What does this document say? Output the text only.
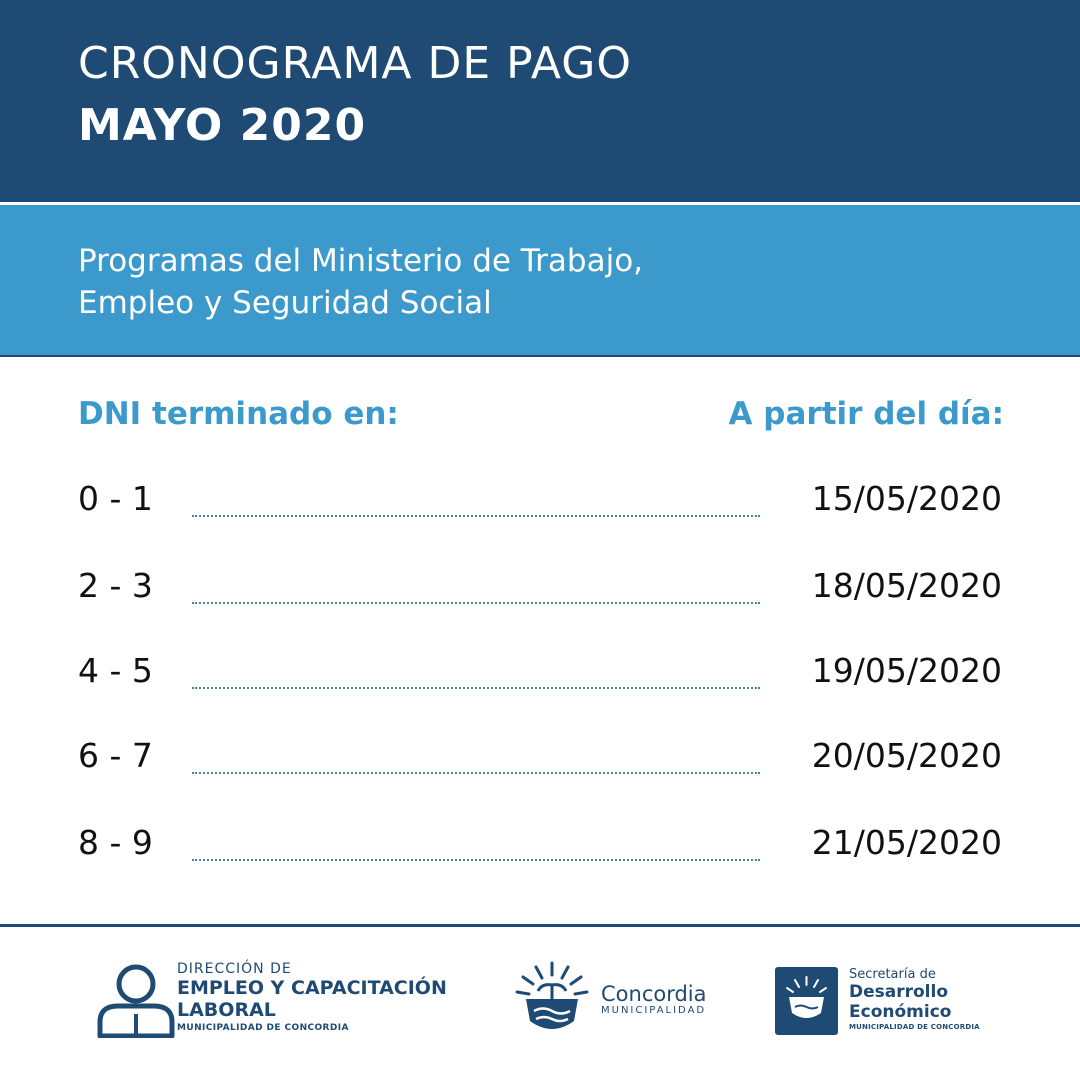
CRONOGRAMA DE PAGO
MAYO 2020
Programas del Ministerio de Trabajo,
Empleo y Seguridad Social
DNI terminado en:	A partir del día:
0 - 1	15/05/2020
2 - 3	18/05/2020
4 - 5	19/05/2020
6 - 7	20/05/2020
8 - 9	21/05/2020
DIRECCIÓN DE
EMPLEO Y CAPACITACIÓN
LABORAL
MUNICIPALIDAD DE CONCORDIA
Concordia
MUNICIPALIDAD
Secretaría de
Desarrollo
Económico
MUNICIPALIDAD DE CONCORDIA
